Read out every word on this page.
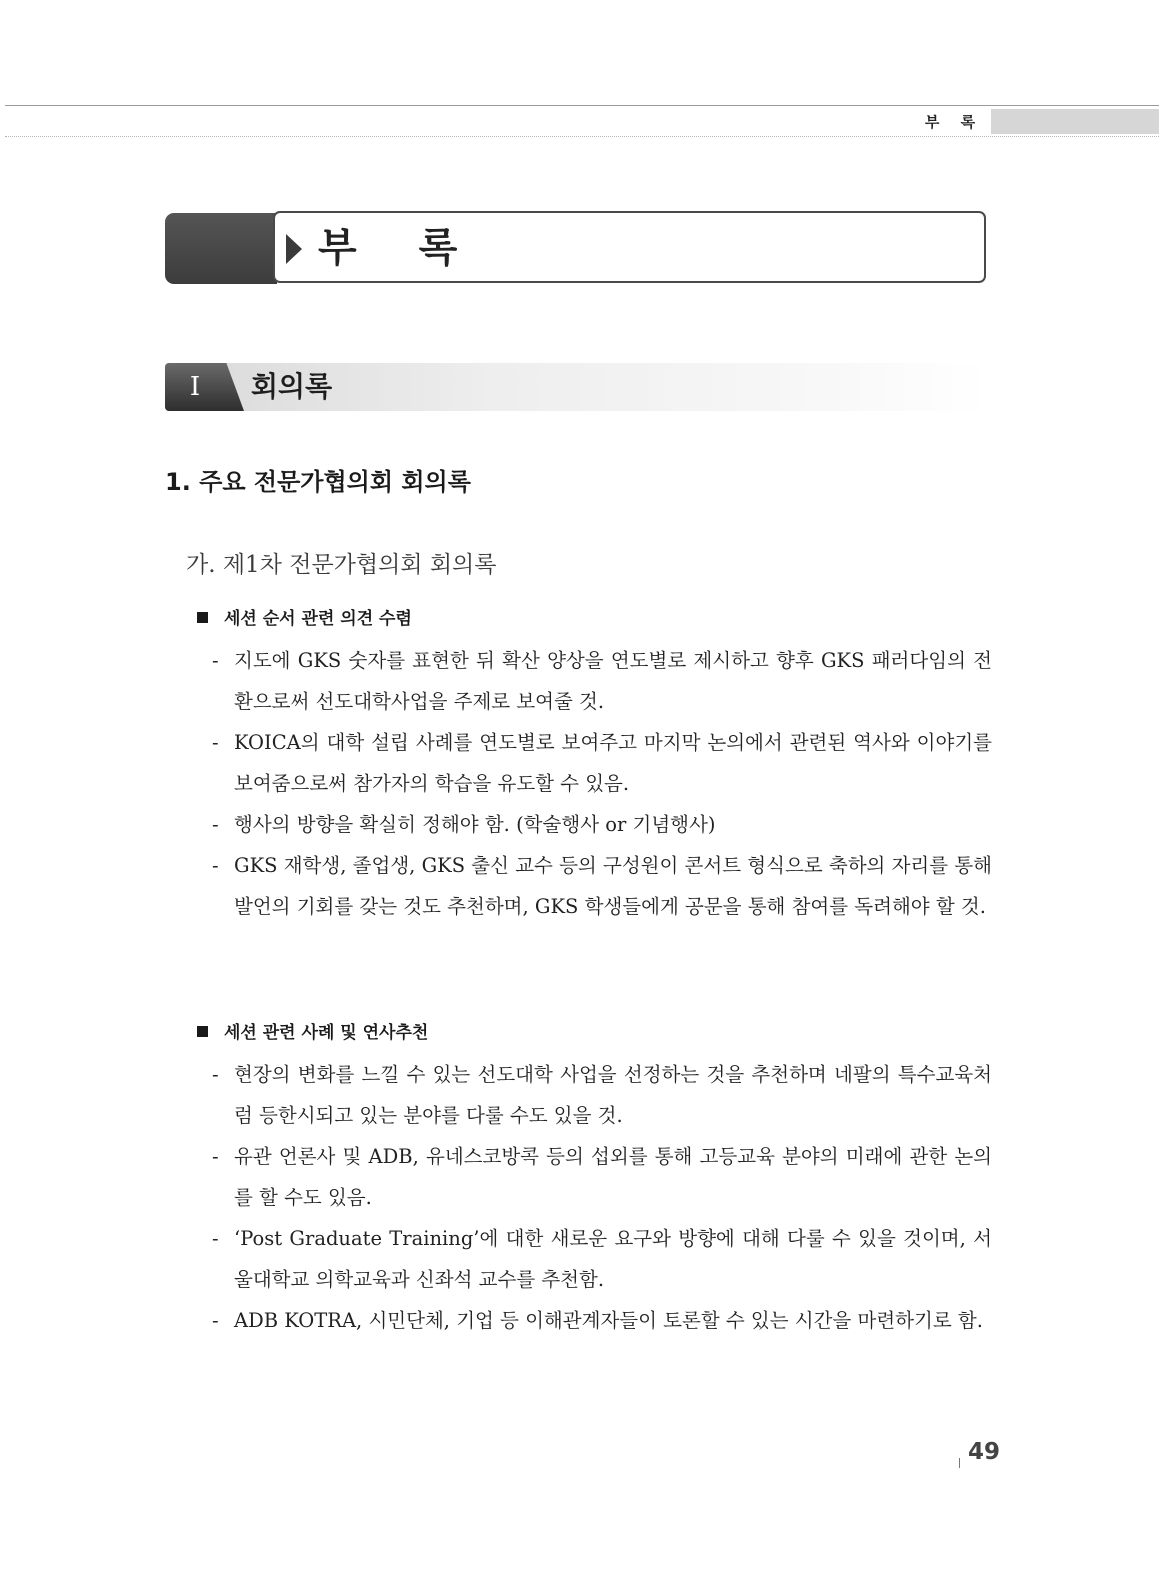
부 록
부 록
I	회의록
1. 주요 전문가협의회 회의록
가. 제1차 전문가협의회 회의록
세션 순서 관련 의견 수렴
- 지도에 GKS 숫자를 표현한 뒤 확산 양상을 연도별로 제시하고 향후 GKS 패러다임의 전환으로써 선도대학사업을 주제로 보여줄 것.
- KOICA의 대학 설립 사례를 연도별로 보여주고 마지막 논의에서 관련된 역사와 이야기를 보여줌으로써 참가자의 학습을 유도할 수 있음.
- 행사의 방향을 확실히 정해야 함. (학술행사 or 기념행사)
- GKS 재학생, 졸업생, GKS 출신 교수 등의 구성원이 콘서트 형식으로 축하의 자리를 통해 발언의 기회를 갖는 것도 추천하며, GKS 학생들에게 공문을 통해 참여를 독려해야 할 것.
세션 관련 사례 및 연사추천
- 현장의 변화를 느낄 수 있는 선도대학 사업을 선정하는 것을 추천하며 네팔의 특수교육처럼 등한시되고 있는 분야를 다룰 수도 있을 것.
- 유관 언론사 및 ADB, 유네스코방콕 등의 섭외를 통해 고등교육 분야의 미래에 관한 논의를 할 수도 있음.
- ‘Post Graduate Training’에 대한 새로운 요구와 방향에 대해 다룰 수 있을 것이며, 서울대학교 의학교육과 신좌석 교수를 추천함.
- ADB KOTRA, 시민단체, 기업 등 이해관계자들이 토론할 수 있는 시간을 마련하기로 함.
49
